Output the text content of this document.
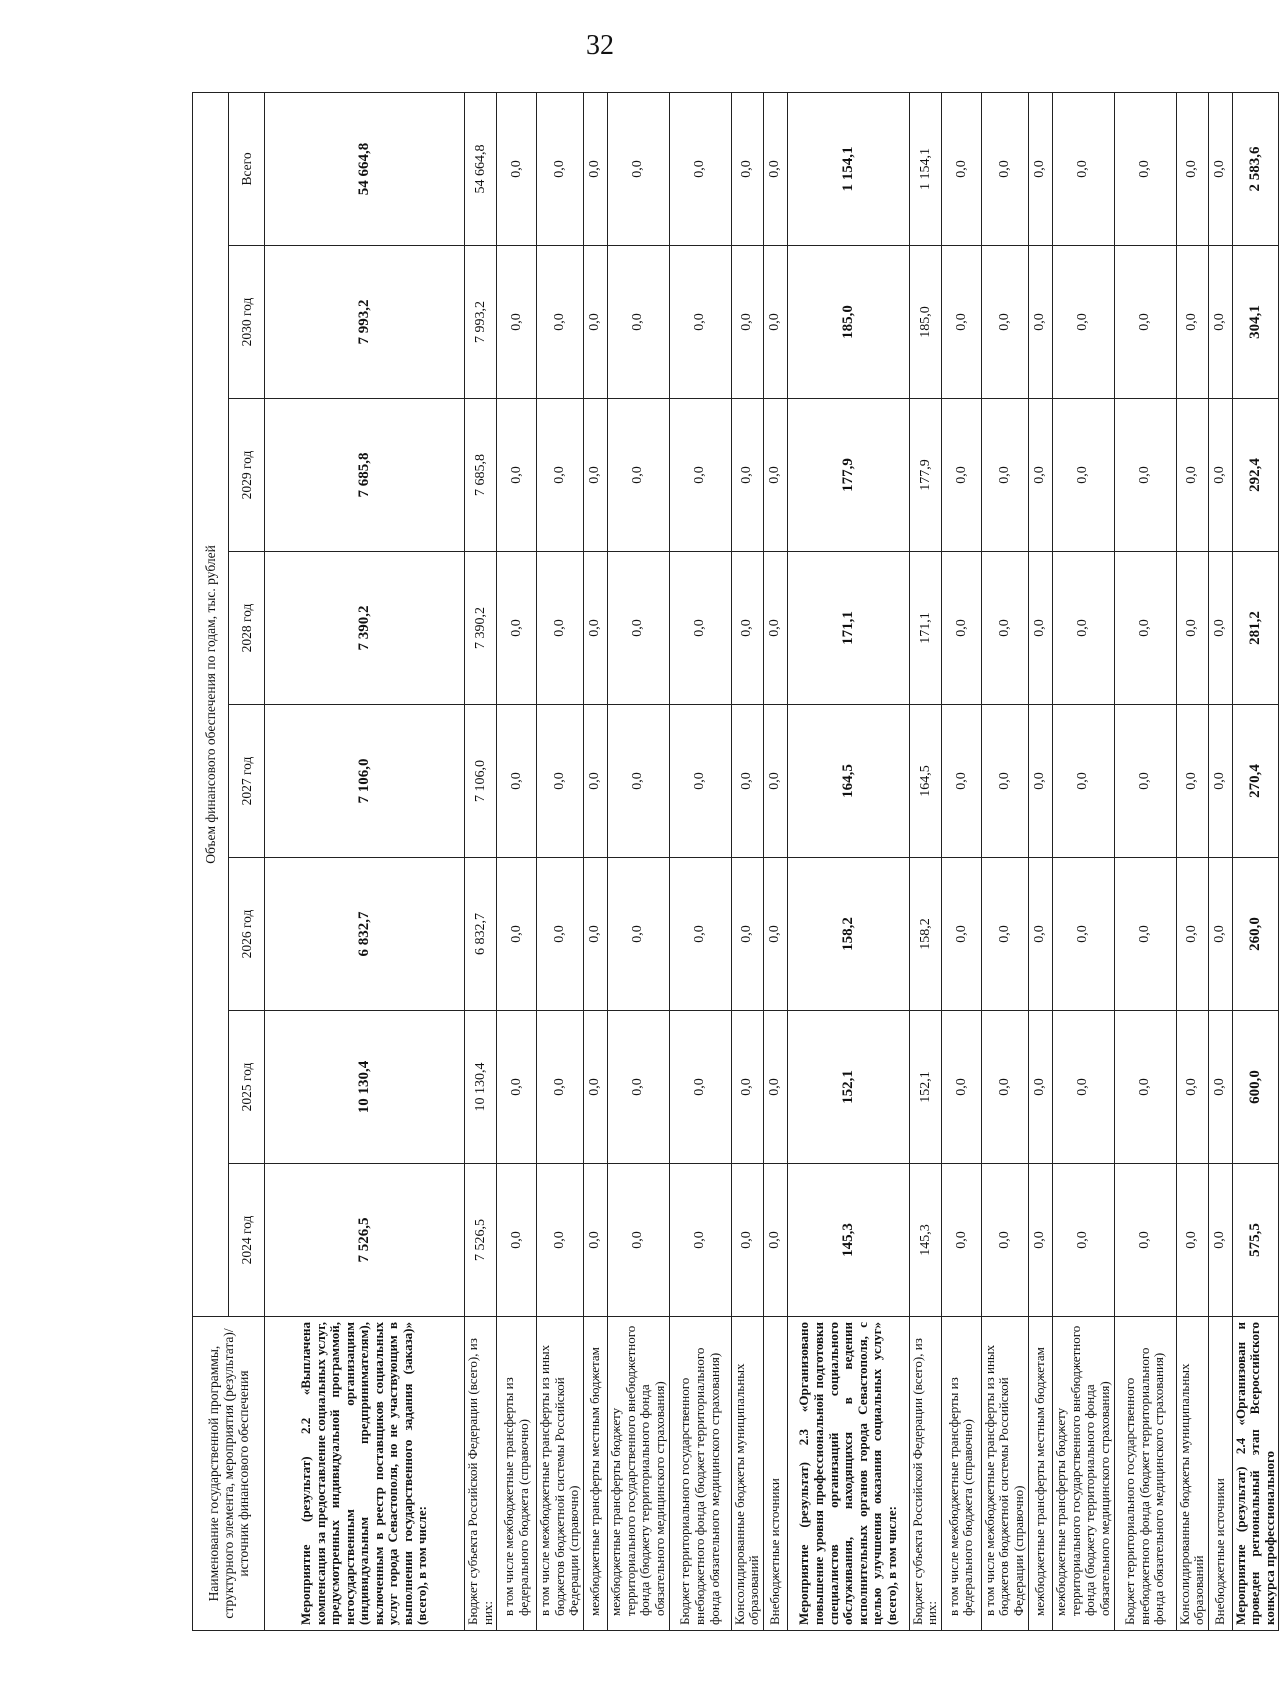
32
Наименование государственной программы, структурного элемента, мероприятия (результата)/источник финансового обеспечения	Объем финансового обеспечения по годам, тыс. рублей							
	2024 год	2025 год	2026 год	2027 год	2028 год	2029 год	2030 год	Всего
Мероприятие (результат) 2.2 «Выплачена компенсация за предоставление социальных услуг, предусмотренных индивидуальной программой, негосударственным организациям (индивидуальным предпринимателям), включенным в реестр поставщиков социальных услуг города Севастополя, но не участвующим в выполнении государственного задания (заказа)» (всего), в том числе:	7 526,5	10 130,4	6 832,7	7 106,0	7 390,2	7 685,8	7 993,2	54 664,8
Бюджет субъекта Российской Федерации (всего), из них:	7 526,5	10 130,4	6 832,7	7 106,0	7 390,2	7 685,8	7 993,2	54 664,8
в том числе межбюджетные трансферты из федерального бюджета (справочно)	0,0	0,0	0,0	0,0	0,0	0,0	0,0	0,0
в том числе межбюджетные трансферты из иных бюджетов бюджетной системы Российской Федерации (справочно)	0,0	0,0	0,0	0,0	0,0	0,0	0,0	0,0
межбюджетные трансферты местным бюджетам	0,0	0,0	0,0	0,0	0,0	0,0	0,0	0,0
межбюджетные трансферты бюджету территориального государственного внебюджетного фонда (бюджету территориального фонда обязательного медицинского страхования)	0,0	0,0	0,0	0,0	0,0	0,0	0,0	0,0
Бюджет территориального государственного внебюджетного фонда (бюджет территориального фонда обязательного медицинского страхования)	0,0	0,0	0,0	0,0	0,0	0,0	0,0	0,0
Консолидированные бюджеты муниципальных образований	0,0	0,0	0,0	0,0	0,0	0,0	0,0	0,0
Внебюджетные источники	0,0	0,0	0,0	0,0	0,0	0,0	0,0	0,0
Мероприятие (результат) 2.3 «Организовано повышение уровня профессиональной подготовки специалистов организаций социального обслуживания, находящихся в ведении исполнительных органов города Севастополя, с целью улучшения оказания социальных услуг» (всего), в том числе:	145,3	152,1	158,2	164,5	171,1	177,9	185,0	1 154,1
Бюджет субъекта Российской Федерации (всего), из них:	145,3	152,1	158,2	164,5	171,1	177,9	185,0	1 154,1
в том числе межбюджетные трансферты из федерального бюджета (справочно)	0,0	0,0	0,0	0,0	0,0	0,0	0,0	0,0
в том числе межбюджетные трансферты из иных бюджетов бюджетной системы Российской Федерации (справочно)	0,0	0,0	0,0	0,0	0,0	0,0	0,0	0,0
межбюджетные трансферты местным бюджетам	0,0	0,0	0,0	0,0	0,0	0,0	0,0	0,0
межбюджетные трансферты бюджету территориального государственного внебюджетного фонда (бюджету территориального фонда обязательного медицинского страхования)	0,0	0,0	0,0	0,0	0,0	0,0	0,0	0,0
Бюджет территориального государственного внебюджетного фонда (бюджет территориального фонда обязательного медицинского страхования)	0,0	0,0	0,0	0,0	0,0	0,0	0,0	0,0
Консолидированные бюджеты муниципальных образований	0,0	0,0	0,0	0,0	0,0	0,0	0,0	0,0
Внебюджетные источники	0,0	0,0	0,0	0,0	0,0	0,0	0,0	0,0
Мероприятие (результат) 2.4 «Организован и проведен региональный этап Всероссийского конкурса профессионального	575,5	600,0	260,0	270,4	281,2	292,4	304,1	2 583,6
